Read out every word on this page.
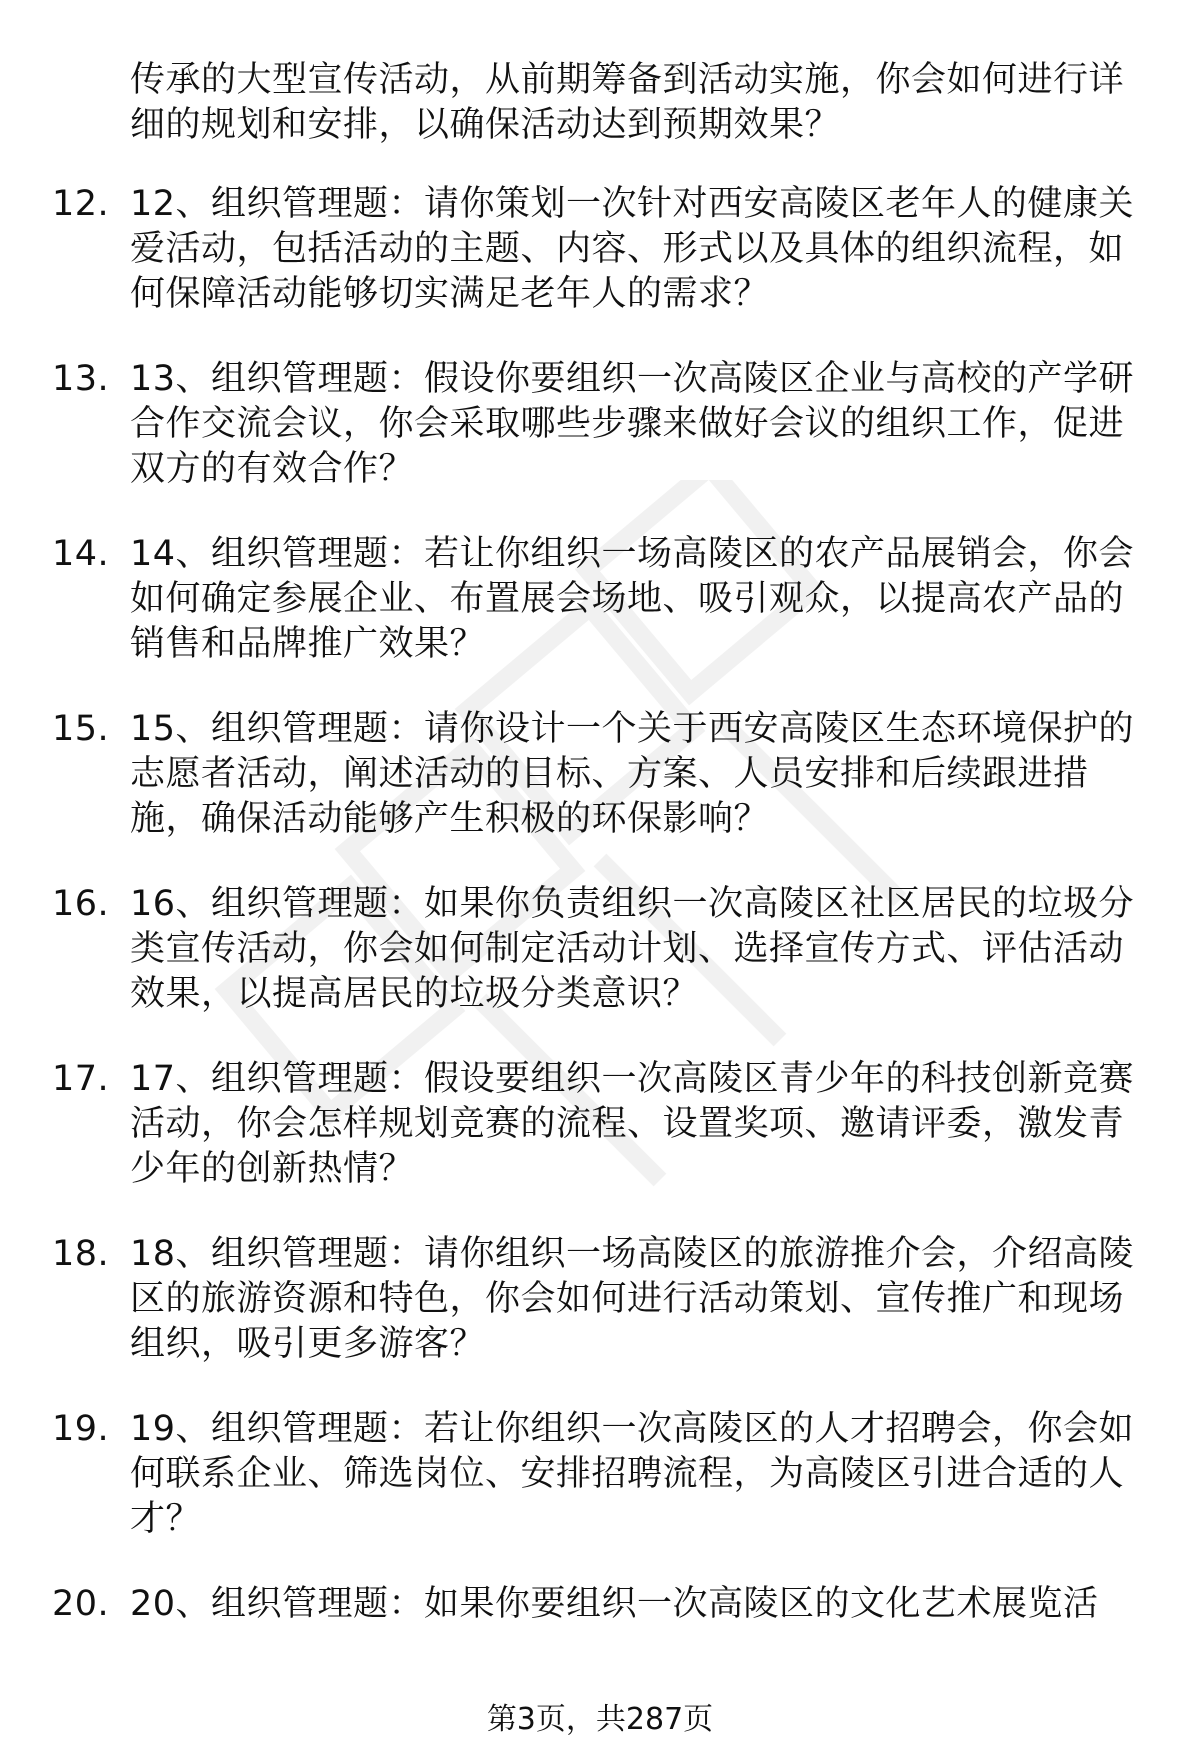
传承的大型宣传活动，从前期筹备到活动实施，你会如何进行详细的规划和安排，以确保活动达到预期效果？
12. 12、组织管理题：请你策划一次针对西安高陵区老年人的健康关爱活动，包括活动的主题、内容、形式以及具体的组织流程，如何保障活动能够切实满足老年人的需求？
13. 13、组织管理题：假设你要组织一次高陵区企业与高校的产学研合作交流会议，你会采取哪些步骤来做好会议的组织工作，促进双方的有效合作？
14. 14、组织管理题：若让你组织一场高陵区的农产品展销会，你会如何确定参展企业、布置展会场地、吸引观众，以提高农产品的销售和品牌推广效果？
15. 15、组织管理题：请你设计一个关于西安高陵区生态环境保护的志愿者活动，阐述活动的目标、方案、人员安排和后续跟进措施，确保活动能够产生积极的环保影响？
16. 16、组织管理题：如果你负责组织一次高陵区社区居民的垃圾分类宣传活动，你会如何制定活动计划、选择宣传方式、评估活动效果，以提高居民的垃圾分类意识？
17. 17、组织管理题：假设要组织一次高陵区青少年的科技创新竞赛活动，你会怎样规划竞赛的流程、设置奖项、邀请评委，激发青少年的创新热情？
18. 18、组织管理题：请你组织一场高陵区的旅游推介会，介绍高陵区的旅游资源和特色，你会如何进行活动策划、宣传推广和现场组织，吸引更多游客？
19. 19、组织管理题：若让你组织一次高陵区的人才招聘会，你会如何联系企业、筛选岗位、安排招聘流程，为高陵区引进合适的人才？
20. 20、组织管理题：如果你要组织一次高陵区的文化艺术展览活
第3页，共287页
